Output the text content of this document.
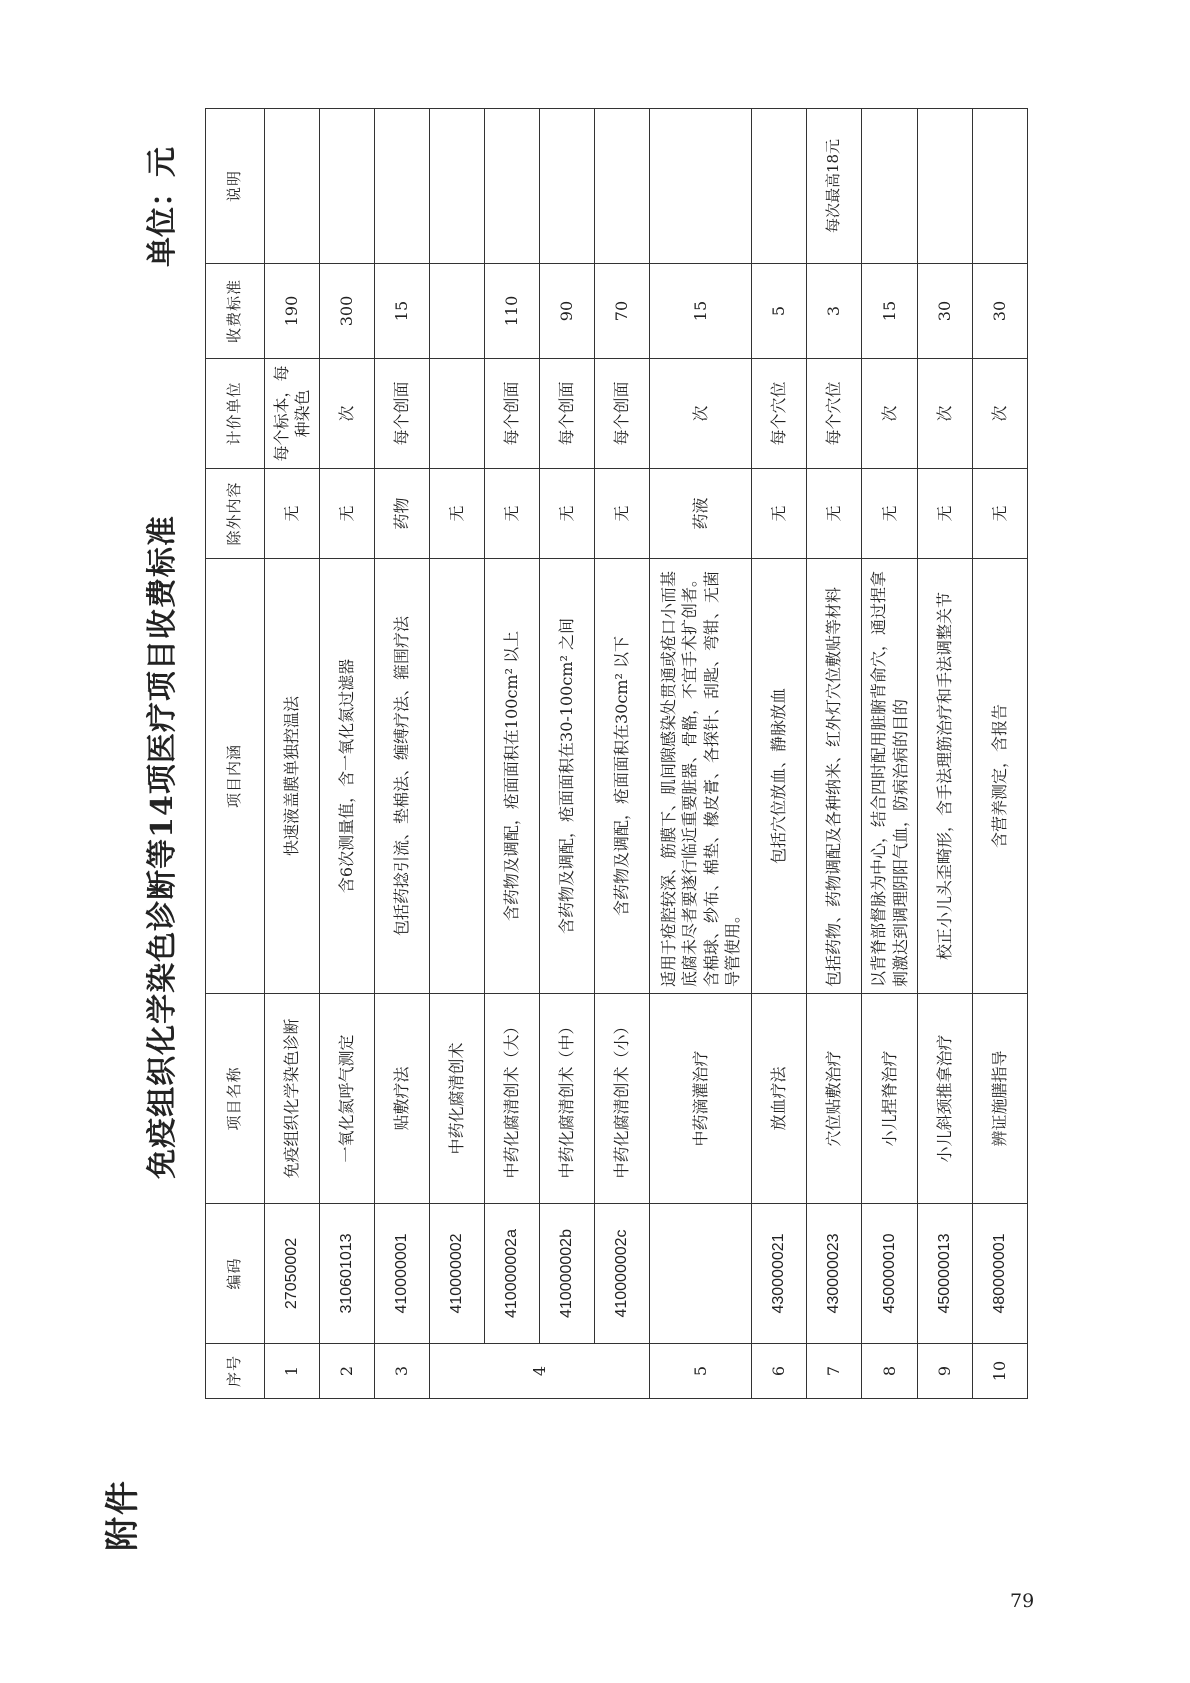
附件
免疫组织化学染色诊断等14项医疗项目收费标准
单位：元
序号	编码	项目名称	项目内涵	除外内容	计价单位	收费标准	说明
1	27050002	免疫组织化学染色诊断	快速液盖膜单独控温法	无	每个标本，每种染色	190	
2	310601013	一氧化氮呼气测定	含6次测量值，含一氧化氮过滤器	无	次	300	
3	410000001	贴敷疗法	包括药捻引流、垫棉法、缠缚疗法、箍围疗法	药物	每个创面	15	
4	410000002	中药化腐清创术		无			
	410000002a	中药化腐清创术（大）	含药物及调配，疮面面积在100cm² 以上	无	每个创面	110	
	410000002b	中药化腐清创术（中）	含药物及调配，疮面面积在30-100cm² 之间	无	每个创面	90	
	410000002c	中药化腐清创术（小）	含药物及调配，疮面面积在30cm² 以下	无	每个创面	70	
5		中药滴灌治疗	适用于疮腔较深、筋膜下、肌间隙感染处贯通或疮口小而基底腐未尽者要遂行临近重要脏器、骨骼，不宜手术扩创者。含棉球、纱布、棉垫、橡皮膏、各探针、刮匙、弯钳、无菌导管使用。	药液	次	15	
6	430000021	放血疗法	包括穴位放血、静脉放血	无	每个穴位	5	
7	430000023	穴位贴敷治疗	包括药物、药物调配及各种纳米、红外灯穴位敷贴等材料	无	每个穴位	3	每次最高18元
8	450000010	小儿捏脊治疗	以背脊部督脉为中心，结合四时配用脏腑背俞穴，通过捏拿刺激达到调理阴阳气血，防病治病的目的	无	次	15	
9	450000013	小儿斜颈推拿治疗	校正小儿头歪畸形，含手法理筋治疗和手法调整关节	无	次	30	
10	480000001	辨证施膳指导	含营养测定，含报告	无	次	30	
79
